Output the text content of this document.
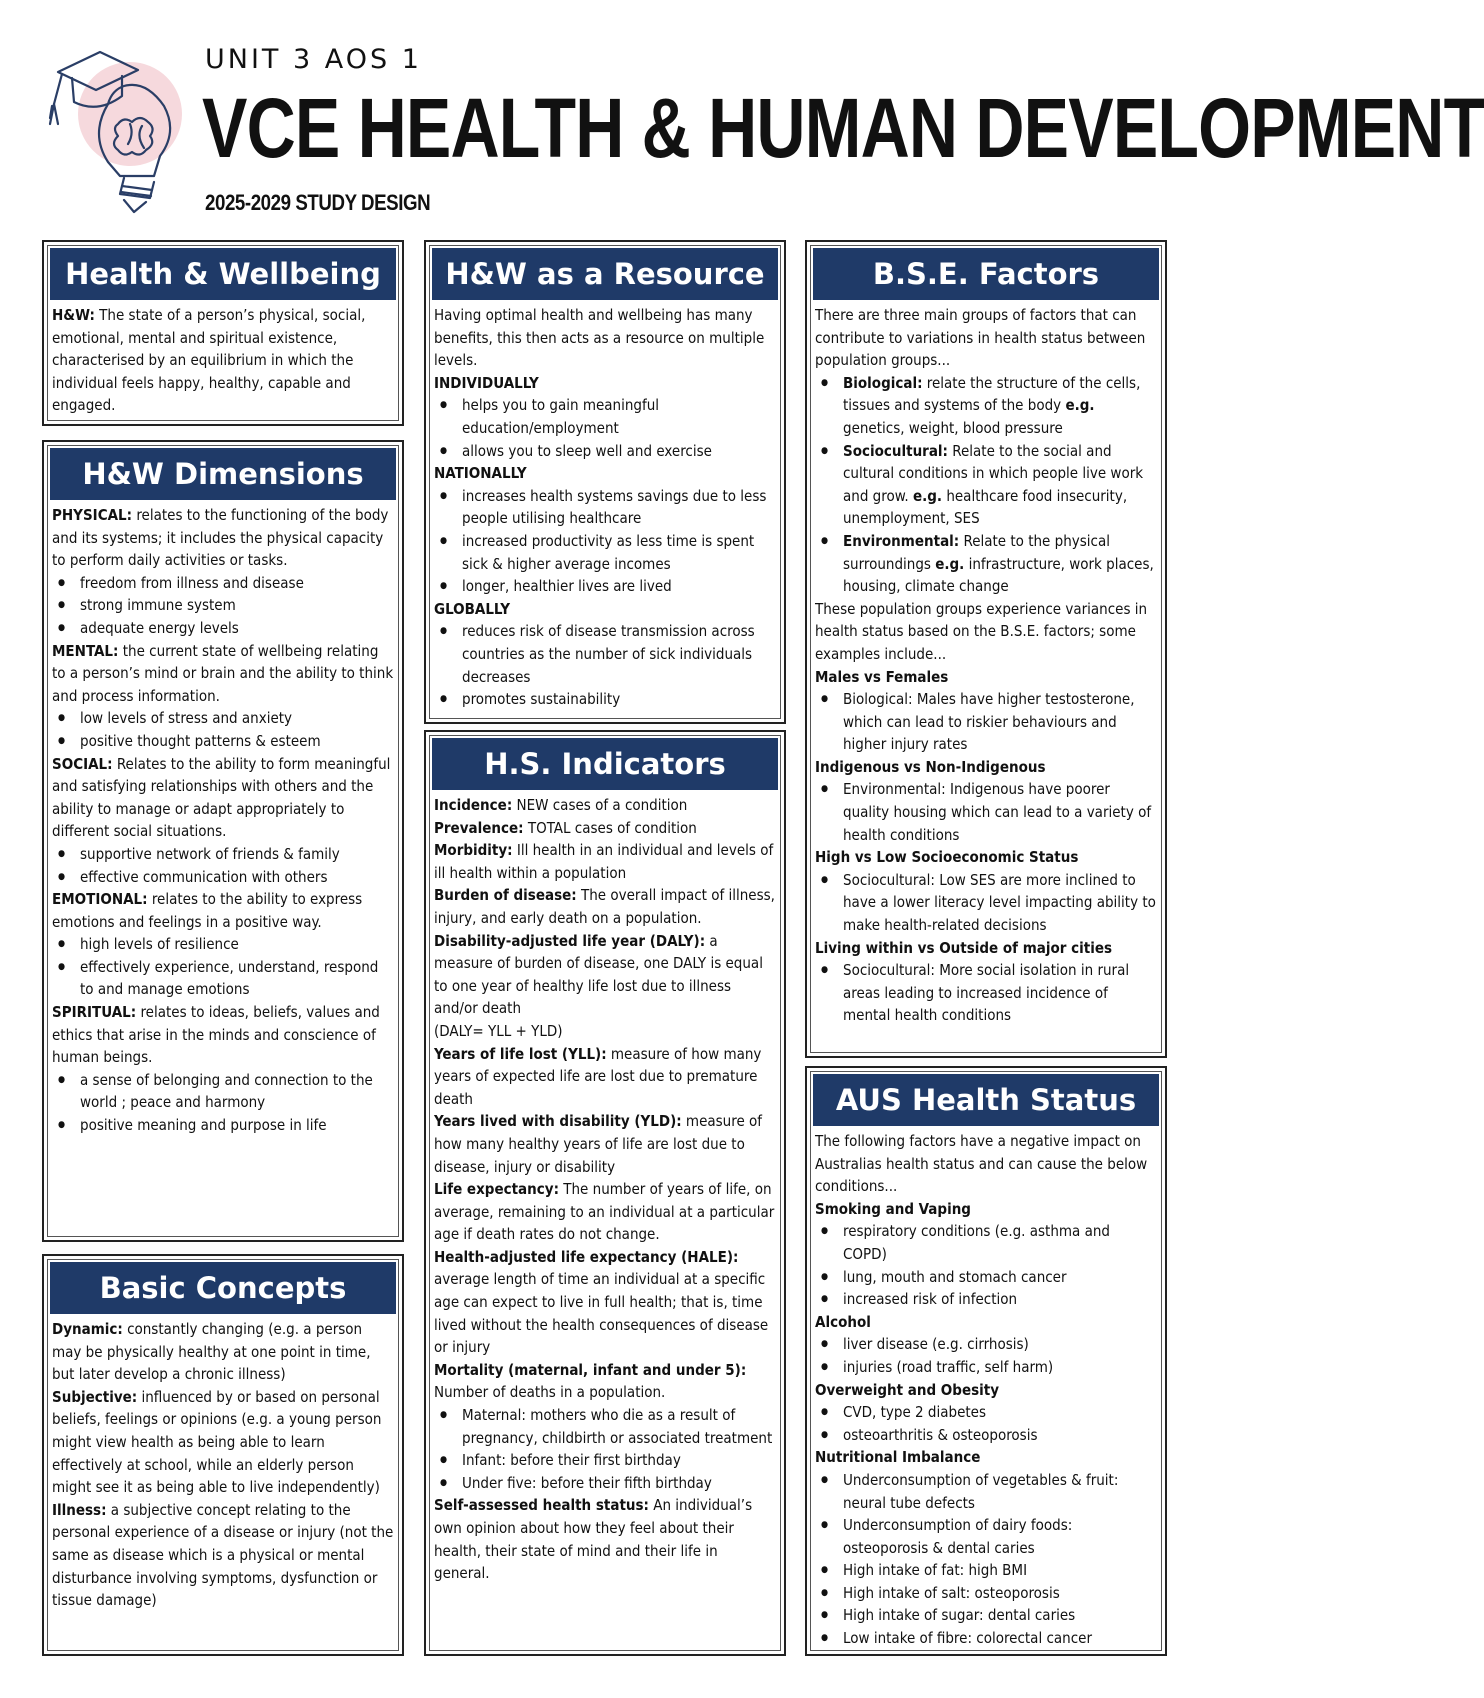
UNIT 3 AOS 1
VCE HEALTH & HUMAN DEVELOPMENT
2025-2029 STUDY DESIGN
Health & Wellbeing

H&W: The state of a person’s physical, social, emotional, mental and spiritual existence, characterised by an equilibrium in which the individual feels happy, healthy, capable and engaged.

H&W Dimensions

PHYSICAL: relates to the functioning of the body and its systems; it includes the physical capacity to perform daily activities or tasks.

● freedom from illness and disease
● strong immune system
● adequate energy levels

MENTAL: the current state of wellbeing relating to a person’s mind or brain and the ability to think and process information.

● low levels of stress and anxiety
● positive thought patterns & esteem

SOCIAL: Relates to the ability to form meaningful and satisfying relationships with others and the ability to manage or adapt appropriately to different social situations.

● supportive network of friends & family
● effective communication with others

EMOTIONAL: relates to the ability to express emotions and feelings in a positive way.

● high levels of resilience
● effectively experience, understand, respond to and manage emotions

SPIRITUAL: relates to ideas, beliefs, values and ethics that arise in the minds and conscience of human beings.

● a sense of belonging and connection to the world ; peace and harmony
● positive meaning and purpose in life
Basic Concepts

Dynamic: constantly changing (e.g. a person may be physically healthy at one point in time, but later develop a chronic illness)

Subjective: influenced by or based on personal beliefs, feelings or opinions (e.g. a young person might view health as being able to learn effectively at school, while an elderly person might see it as being able to live independently)

Illness: a subjective concept relating to the personal experience of a disease or injury (not the same as disease which is a physical or mental disturbance involving symptoms, dysfunction or tissue damage)

H&W as a Resource

Having optimal health and wellbeing has many benefits, this then acts as a resource on multiple levels.

INDIVIDUALLY

● helps you to gain meaningful education/employment
● allows you to sleep well and exercise

NATIONALLY

● increases health systems savings due to less people utilising healthcare
● increased productivity as less time is spent sick & higher average incomes
● longer, healthier lives are lived

GLOBALLY

● reduces risk of disease transmission across countries as the number of sick individuals decreases
● promotes sustainability
H.S. Indicators

Incidence: NEW cases of a condition

Prevalence: TOTAL cases of condition

Morbidity: Ill health in an individual and levels of ill health within a population

Burden of disease: The overall impact of illness, injury, and early death on a population.

Disability-adjusted life year (DALY): a measure of burden of disease, one DALY is equal to one year of healthy life lost due to illness and/or death

(DALY= YLL + YLD)

Years of life lost (YLL): measure of how many years of expected life are lost due to premature death

Years lived with disability (YLD): measure of how many healthy years of life are lost due to disease, injury or disability

Life expectancy: The number of years of life, on average, remaining to an individual at a particular age if death rates do not change.

Health-adjusted life expectancy (HALE): average length of time an individual at a specific age can expect to live in full health; that is, time lived without the health consequences of disease or injury

Mortality (maternal, infant and under 5): Number of deaths in a population.

● Maternal: mothers who die as a result of pregnancy, childbirth or associated treatment
● Infant: before their first birthday
● Under five: before their fifth birthday

Self-assessed health status: An individual’s own opinion about how they feel about their health, their state of mind and their life in general.

B.S.E. Factors

There are three main groups of factors that can contribute to variations in health status between population groups...

● Biological: relate the structure of the cells, tissues and systems of the body e.g. genetics, weight, blood pressure
● Sociocultural: Relate to the social and cultural conditions in which people live work and grow. e.g. healthcare food insecurity, unemployment, SES
● Environmental: Relate to the physical surroundings e.g. infrastructure, work places, housing, climate change

These population groups experience variances in health status based on the B.S.E. factors; some examples include...

Males vs Females

● Biological: Males have higher testosterone, which can lead to riskier behaviours and higher injury rates

Indigenous vs Non-Indigenous

● Environmental: Indigenous have poorer quality housing which can lead to a variety of health conditions

High vs Low Socioeconomic Status

● Sociocultural: Low SES are more inclined to have a lower literacy level impacting ability to make health-related decisions

Living within vs Outside of major cities

● Sociocultural: More social isolation in rural areas leading to increased incidence of mental health conditions
AUS Health Status

The following factors have a negative impact on Australias health status and can cause the below conditions...

Smoking and Vaping

● respiratory conditions (e.g. asthma and COPD)
● lung, mouth and stomach cancer
● increased risk of infection

Alcohol

● liver disease (e.g. cirrhosis)
● injuries (road traffic, self harm)

Overweight and Obesity

● CVD, type 2 diabetes
● osteoarthritis & osteoporosis

Nutritional Imbalance

● Underconsumption of vegetables & fruit: neural tube defects
● Underconsumption of dairy foods: osteoporosis & dental caries
● High intake of fat: high BMI
● High intake of salt: osteoporosis
● High intake of sugar: dental caries
● Low intake of fibre: colorectal cancer
